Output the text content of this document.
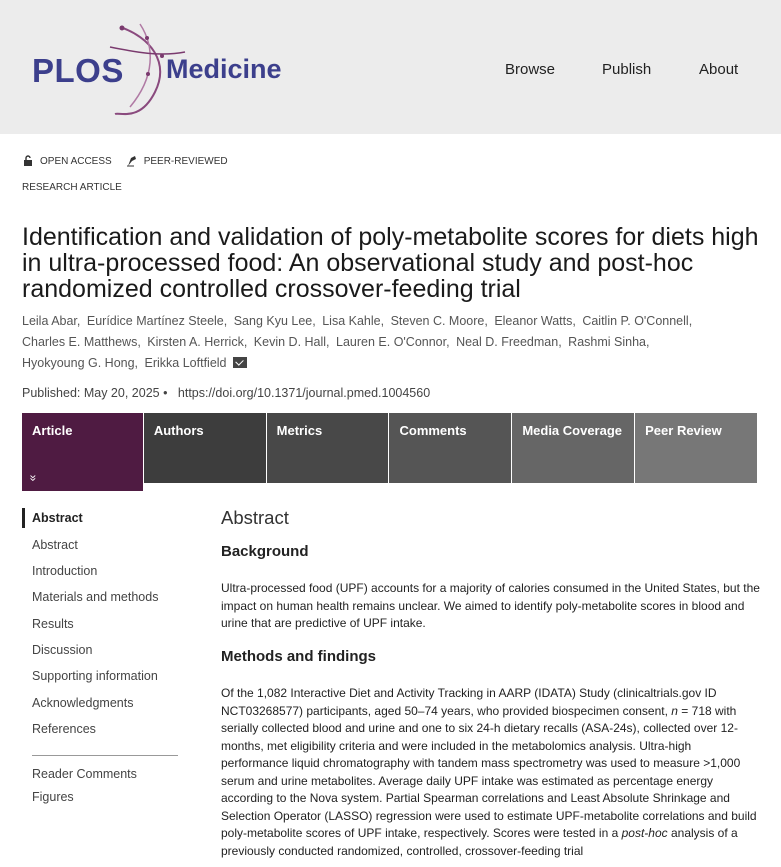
PLOS Medicine	Browse	Publish	About
OPEN ACCESS	PEER-REVIEWED
RESEARCH ARTICLE
Identification and validation of poly-metabolite scores for diets high in ultra-processed food: An observational study and post-hoc randomized controlled crossover-feeding trial
Leila Abar, Eurídice Martínez Steele, Sang Kyu Lee, Lisa Kahle, Steven C. Moore, Eleanor Watts, Caitlin P. O'Connell,
Charles E. Matthews, Kirsten A. Herrick, Kevin D. Hall, Lauren E. O'Connor, Neal D. Freedman, Rashmi Sinha,
Hyokyoung G. Hong, Erikka Loftfield
Published: May 20, 2025 •   https://doi.org/10.1371/journal.pmed.1004560
Article	Authors	Metrics	Comments	Media Coverage	Peer Review
»
Abstract
Abstract
Introduction
Materials and methods
Results
Discussion
Supporting information
Acknowledgments
References
Reader Comments
Figures
Abstract
Background
Ultra-processed food (UPF) accounts for a majority of calories consumed in the United States, but the impact on human health remains unclear. We aimed to identify poly-metabolite scores in blood and urine that are predictive of UPF intake.
Methods and findings
Of the 1,082 Interactive Diet and Activity Tracking in AARP (IDATA) Study (clinicaltrials.gov ID NCT03268577) participants, aged 50–74 years, who provided biospecimen consent, n = 718 with serially collected blood and urine and one to six 24-h dietary recalls (ASA-24s), collected over 12-months, met eligibility criteria and were included in the metabolomics analysis. Ultra-high performance liquid chromatography with tandem mass spectrometry was used to measure >1,000 serum and urine metabolites. Average daily UPF intake was estimated as percentage energy according to the Nova system. Partial Spearman correlations and Least Absolute Shrinkage and Selection Operator (LASSO) regression were used to estimate UPF-metabolite correlations and build poly-metabolite scores of UPF intake, respectively. Scores were tested in a post-hoc analysis of a previously conducted randomized, controlled, crossover-feeding trial
